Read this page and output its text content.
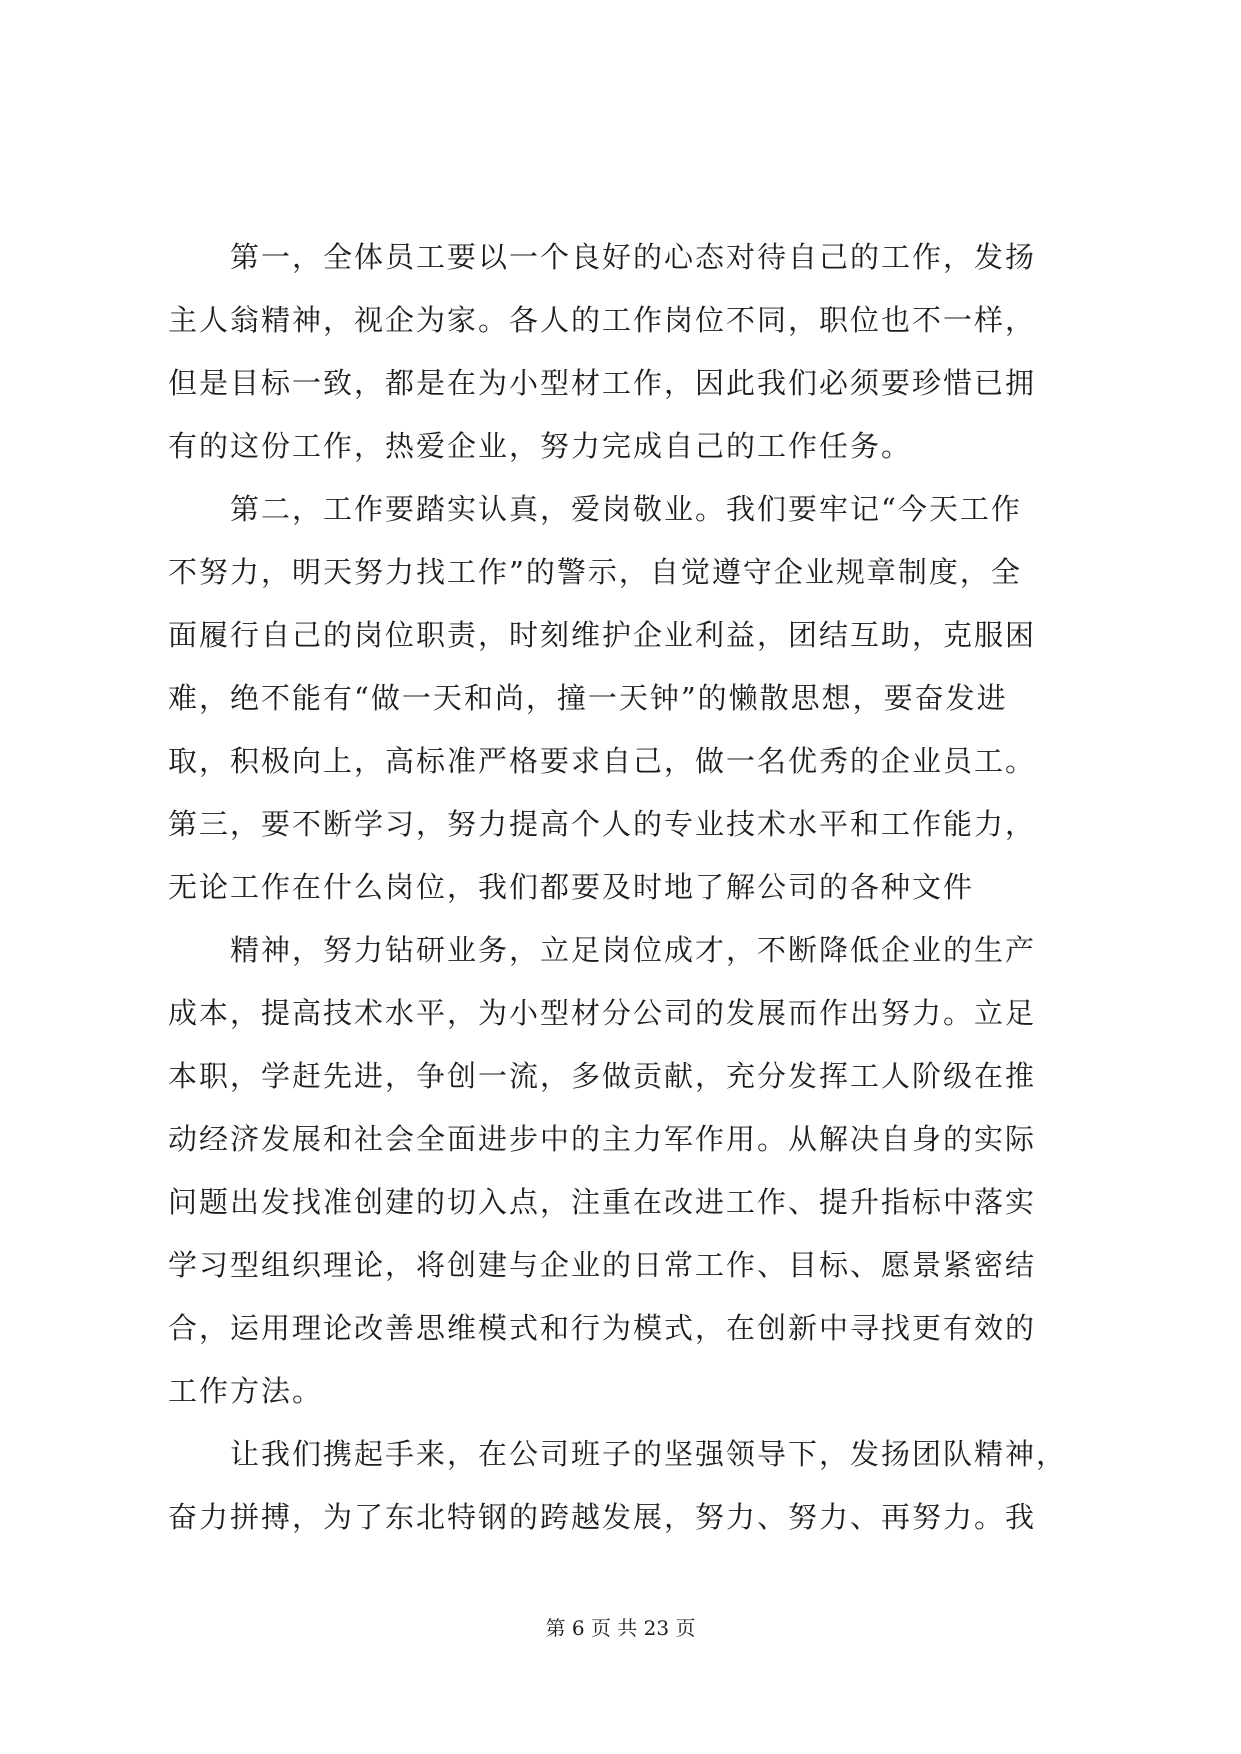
第一，全体员工要以一个良好的心态对待自己的工作，发扬
主人翁精神，视企为家。各人的工作岗位不同，职位也不一样，
但是目标一致，都是在为小型材工作，因此我们必须要珍惜已拥
有的这份工作，热爱企业，努力完成自己的工作任务。
第二，工作要踏实认真，爱岗敬业。我们要牢记“今天工作
不努力，明天努力找工作”的警示，自觉遵守企业规章制度，全
面履行自己的岗位职责，时刻维护企业利益，团结互助，克服困
难，绝不能有“做一天和尚，撞一天钟”的懒散思想，要奋发进
取，积极向上，高标准严格要求自己，做一名优秀的企业员工。
第三，要不断学习，努力提高个人的专业技术水平和工作能力，
无论工作在什么岗位，我们都要及时地了解公司的各种文件
精神，努力钻研业务，立足岗位成才，不断降低企业的生产
成本，提高技术水平，为小型材分公司的发展而作出努力。立足
本职，学赶先进，争创一流，多做贡献，充分发挥工人阶级在推
动经济发展和社会全面进步中的主力军作用。从解决自身的实际
问题出发找准创建的切入点，注重在改进工作、提升指标中落实
学习型组织理论，将创建与企业的日常工作、目标、愿景紧密结
合，运用理论改善思维模式和行为模式，在创新中寻找更有效的
工作方法。
让我们携起手来，在公司班子的坚强领导下，发扬团队精神，
奋力拼搏，为了东北特钢的跨越发展，努力、努力、再努力。我
第 6 页 共 23 页
